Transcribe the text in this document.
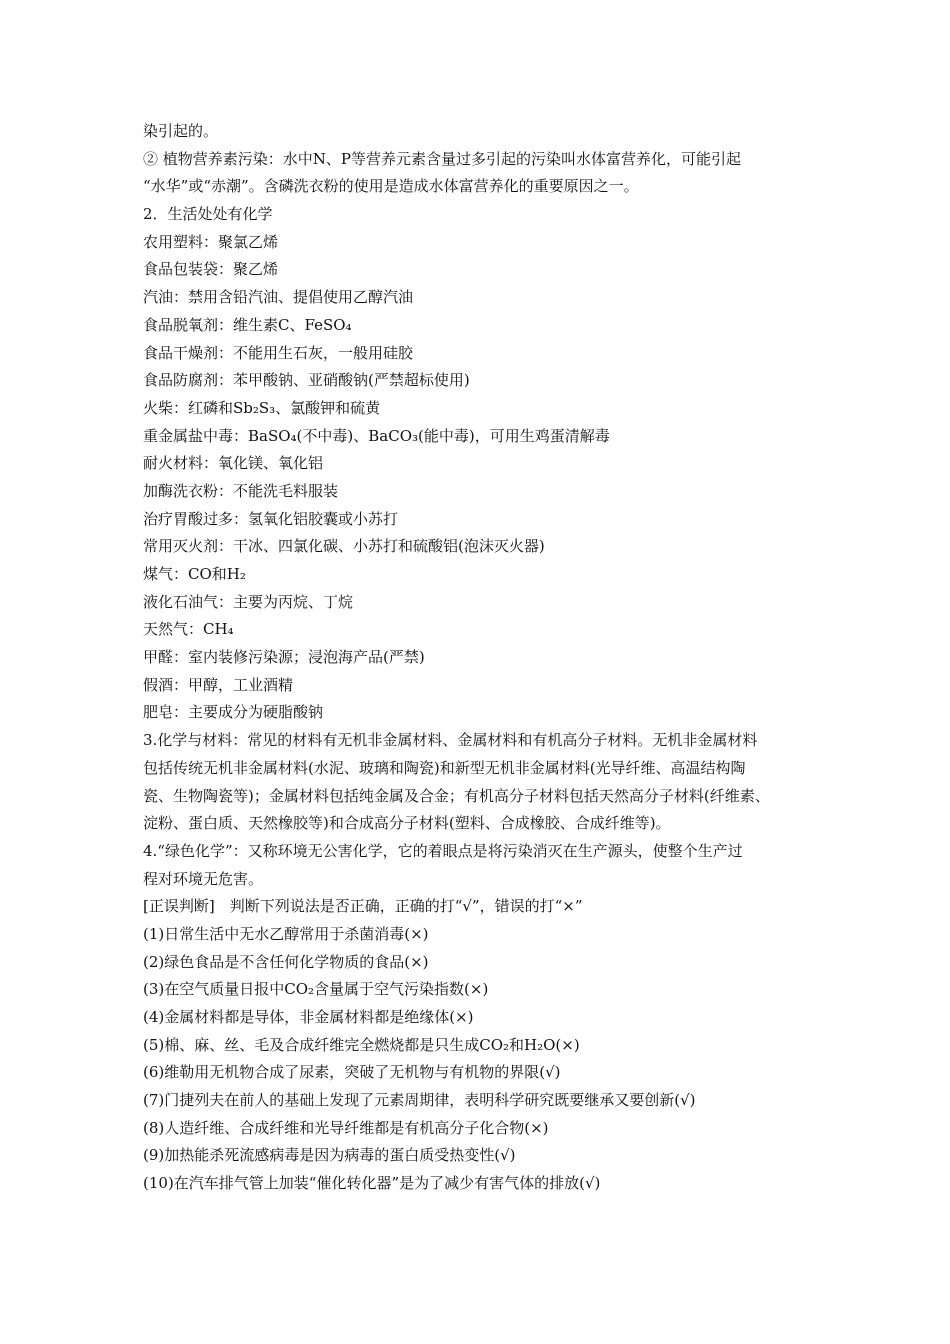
染引起的。
② 植物营养素污染：水中N、P等营养元素含量过多引起的污染叫水体富营养化，可能引起
“水华”或“赤潮”。含磷洗衣粉的使用是造成水体富营养化的重要原因之一。
2．生活处处有化学
农用塑料：聚氯乙烯
食品包装袋：聚乙烯
汽油：禁用含铅汽油、提倡使用乙醇汽油
食品脱氧剂：维生素C、FeSO₄
食品干燥剂：不能用生石灰，一般用硅胶
食品防腐剂：苯甲酸钠、亚硝酸钠(严禁超标使用)
火柴：红磷和Sb₂S₃、氯酸钾和硫黄
重金属盐中毒：BaSO₄(不中毒)、BaCO₃(能中毒)，可用生鸡蛋清解毒
耐火材料：氧化镁、氧化铝
加酶洗衣粉：不能洗毛料服装
治疗胃酸过多：氢氧化铝胶囊或小苏打
常用灭火剂：干冰、四氯化碳、小苏打和硫酸铝(泡沫灭火器)
煤气：CO和H₂
液化石油气：主要为丙烷、丁烷
天然气：CH₄
甲醛：室内装修污染源；浸泡海产品(严禁)
假酒：甲醇，工业酒精
肥皂：主要成分为硬脂酸钠
3.化学与材料：常见的材料有无机非金属材料、金属材料和有机高分子材料。无机非金属材料
包括传统无机非金属材料(水泥、玻璃和陶瓷)和新型无机非金属材料(光导纤维、高温结构陶
瓷、生物陶瓷等)；金属材料包括纯金属及合金；有机高分子材料包括天然高分子材料(纤维素、
淀粉、蛋白质、天然橡胶等)和合成高分子材料(塑料、合成橡胶、合成纤维等)。
4.“绿色化学”：又称环境无公害化学，它的着眼点是将污染消灭在生产源头，使整个生产过
程对环境无危害。
[正误判断]　判断下列说法是否正确，正确的打“√”，错误的打“×”
(1)日常生活中无水乙醇常用于杀菌消毒(×)
(2)绿色食品是不含任何化学物质的食品(×)
(3)在空气质量日报中CO₂含量属于空气污染指数(×)
(4)金属材料都是导体，非金属材料都是绝缘体(×)
(5)棉、麻、丝、毛及合成纤维完全燃烧都是只生成CO₂和H₂O(×)
(6)维勒用无机物合成了尿素，突破了无机物与有机物的界限(√)
(7)门捷列夫在前人的基础上发现了元素周期律，表明科学研究既要继承又要创新(√)
(8)人造纤维、合成纤维和光导纤维都是有机高分子化合物(×)
(9)加热能杀死流感病毒是因为病毒的蛋白质受热变性(√)
(10)在汽车排气管上加装“催化转化器”是为了减少有害气体的排放(√)
